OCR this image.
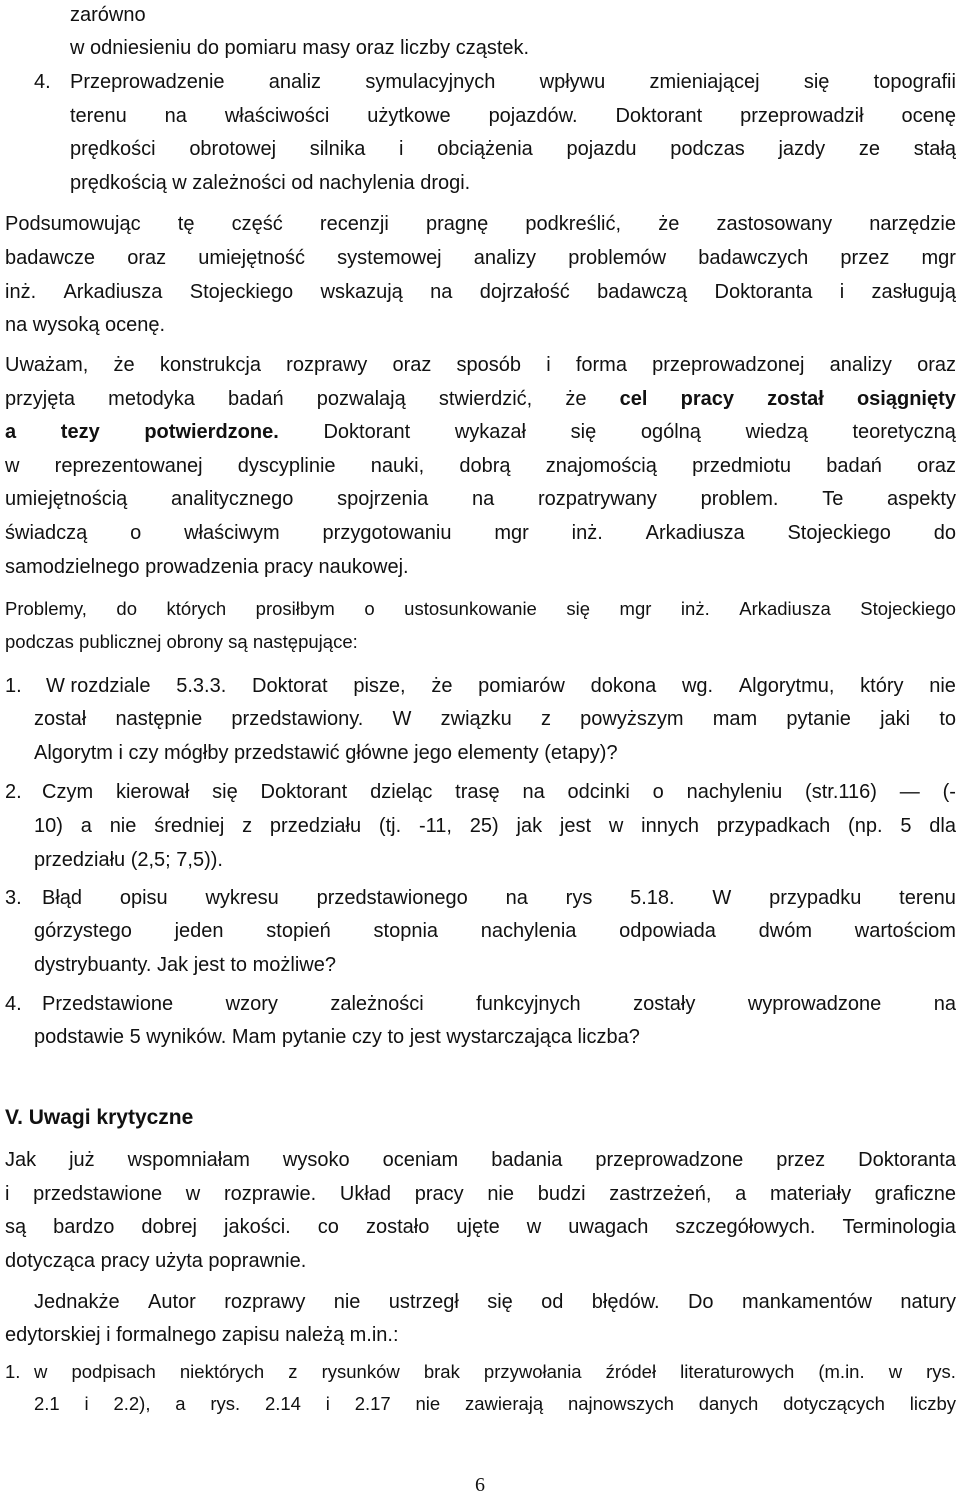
zarówno
w odniesieniu do pomiaru masy oraz liczby cząstek.
4. Przeprowadzenie analiz symulacyjnych wpływu zmieniającej się topografii
terenu na właściwości użytkowe pojazdów. Doktorant przeprowadził ocenę
prędkości obrotowej silnika i obciążenia pojazdu podczas jazdy ze stałą
prędkością w zależności od nachylenia drogi.
Podsumowując tę część recenzji pragnę podkreślić, że zastosowany narzędzie
badawcze oraz umiejętność systemowej analizy problemów badawczych przez mgr
inż. Arkadiusza Stojeckiego wskazują na dojrzałość badawczą Doktoranta i zasługują
na wysoką ocenę.
Uważam, że konstrukcja rozprawy oraz sposób i forma przeprowadzonej analizy oraz
przyjęta metodyka badań pozwalają stwierdzić, że cel pracy został osiągnięty
a tezy potwierdzone. Doktorant wykazał się ogólną wiedzą teoretyczną
w reprezentowanej dyscyplinie nauki, dobrą znajomością przedmiotu badań oraz
umiejętnością analitycznego spojrzenia na rozpatrywany problem. Te aspekty
świadczą o właściwym przygotowaniu mgr inż. Arkadiusza Stojeckiego do
samodzielnego prowadzenia pracy naukowej.
Problemy, do których prosiłbym o ustosunkowanie się mgr inż. Arkadiusza Stojeckiego
podczas publicznej obrony są następujące:
1. W rozdziale 5.3.3. Doktorat pisze, że pomiarów dokona wg. Algorytmu, który nie
został następnie przedstawiony. W związku z powyższym mam pytanie jaki to
Algorytm i czy mógłby przedstawić główne jego elementy (etapy)?
2. Czym kierował się Doktorant dzieląc trasę na odcinki o nachyleniu (str.116) — (-
10) a nie średniej z przedziału (tj. -11, 25) jak jest w innych przypadkach (np. 5 dla
przedziału (2,5; 7,5)).
3. Błąd opisu wykresu przedstawionego na rys 5.18. W przypadku terenu
górzystego jeden stopień stopnia nachylenia odpowiada dwóm wartościom
dystrybuanty. Jak jest to możliwe?
4. Przedstawione	wzory	zależności	funkcyjnych	zostały	wyprowadzone	na
podstawie 5 wyników. Mam pytanie czy to jest wystarczająca liczba?
V. Uwagi krytyczne
Jak już wspomniałam wysoko oceniam badania przeprowadzone przez Doktoranta
i przedstawione w rozprawie. Układ pracy nie budzi zastrzeżeń, a materiały graficzne
są bardzo dobrej jakości. co zostało ujęte w uwagach szczegółowych. Terminologia
dotycząca pracy użyta poprawnie.
Jednakże Autor rozprawy nie ustrzegł się od błędów. Do mankamentów natury
edytorskiej i formalnego zapisu należą m.in.:
1. w podpisach niektórych z rysunków brak przywołania źródeł literaturowych (m.in. w rys.
2.1 i 2.2), a rys. 2.14 i 2.17 nie zawierają najnowszych danych dotyczących liczby
6
